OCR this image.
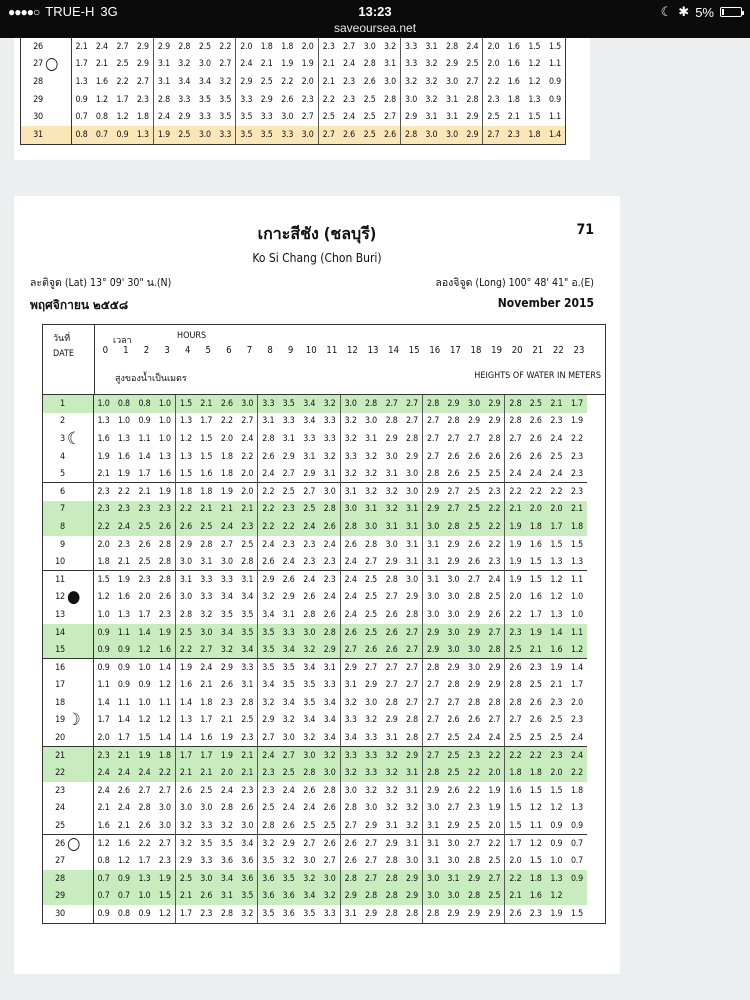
●●●●○ TRUE-H 3G	13:23
saveoursea.net
☾ ✱ 5%
26		2.1	2.4	2.7	2.9	2.9	2.8	2.5	2.2	2.0	1.8	1.8	2.0	2.3	2.7	3.0	3.2	3.3	3.1	2.8	2.4	2.0	1.6	1.5	1.5
27	○	1.7	2.1	2.5	2.9	3.1	3.2	3.0	2.7	2.4	2.1	1.9	1.9	2.1	2.4	2.8	3.1	3.3	3.2	2.9	2.5	2.0	1.6	1.2	1.1
28		1.3	1.6	2.2	2.7	3.1	3.4	3.4	3.2	2.9	2.5	2.2	2.0	2.1	2.3	2.6	3.0	3.2	3.2	3.0	2.7	2.2	1.6	1.2	0.9
29		0.9	1.2	1.7	2.3	2.8	3.3	3.5	3.5	3.3	2.9	2.6	2.3	2.2	2.3	2.5	2.8	3.0	3.2	3.1	2.8	2.3	1.8	1.3	0.9
30		0.7	0.8	1.2	1.8	2.4	2.9	3.3	3.5	3.5	3.3	3.0	2.7	2.5	2.4	2.5	2.7	2.9	3.1	3.1	2.9	2.5	2.1	1.5	1.1
31		0.8	0.7	0.9	1.3	1.9	2.5	3.0	3.3	3.5	3.5	3.3	3.0	2.7	2.6	2.5	2.6	2.8	3.0	3.0	2.9	2.7	2.3	1.8	1.4
เกาะสีชัง (ชลบุรี)	71
Ko Si Chang (Chon Buri)
ละติจูด (Lat) 13° 09' 30" น.(N)	ลองจิจูด (Long) 100° 48' 41" อ.(E)
พฤศจิกายน ๒๕๕๘	November 2015
วันที่
DATE
เวลา	HOURS
0	1	2	3	4	5	6	7	8	9	10	11	12	13	14	15	16	17	18	19	20	21	22	23
สูงของน้ำเป็นเมตร	HEIGHTS OF WATER IN METERS
1		1.0	0.8	0.8	1.0	1.5	2.1	2.6	3.0	3.3	3.5	3.4	3.2	3.0	2.8	2.7	2.7	2.8	2.9	3.0	2.9	2.8	2.5	2.1	1.7
2		1.3	1.0	0.9	1.0	1.3	1.7	2.2	2.7	3.1	3.3	3.4	3.3	3.2	3.0	2.8	2.7	2.7	2.8	2.9	2.9	2.8	2.6	2.3	1.9
3	☾	1.6	1.3	1.1	1.0	1.2	1.5	2.0	2.4	2.8	3.1	3.3	3.3	3.2	3.1	2.9	2.8	2.7	2.7	2.7	2.8	2.7	2.6	2.4	2.2
4		1.9	1.6	1.4	1.3	1.3	1.5	1.8	2.2	2.6	2.9	3.1	3.2	3.3	3.2	3.0	2.9	2.7	2.6	2.6	2.6	2.6	2.6	2.5	2.3
5		2.1	1.9	1.7	1.6	1.5	1.6	1.8	2.0	2.4	2.7	2.9	3.1	3.2	3.2	3.1	3.0	2.8	2.6	2.5	2.5	2.4	2.4	2.4	2.3
6		2.3	2.2	2.1	1.9	1.8	1.8	1.9	2.0	2.2	2.5	2.7	3.0	3.1	3.2	3.2	3.0	2.9	2.7	2.5	2.3	2.2	2.2	2.2	2.3
7		2.3	2.3	2.3	2.3	2.2	2.1	2.1	2.1	2.2	2.3	2.5	2.8	3.0	3.1	3.2	3.1	2.9	2.7	2.5	2.2	2.1	2.0	2.0	2.1
8		2.2	2.4	2.5	2.6	2.6	2.5	2.4	2.3	2.2	2.2	2.4	2.6	2.8	3.0	3.1	3.1	3.0	2.8	2.5	2.2	1.9	1.8	1.7	1.8
9		2.0	2.3	2.6	2.8	2.9	2.8	2.7	2.5	2.4	2.3	2.3	2.4	2.6	2.8	3.0	3.1	3.1	2.9	2.6	2.2	1.9	1.6	1.5	1.5
10		1.8	2.1	2.5	2.8	3.0	3.1	3.0	2.8	2.6	2.4	2.3	2.3	2.4	2.7	2.9	3.1	3.1	2.9	2.6	2.3	1.9	1.5	1.3	1.3
11		1.5	1.9	2.3	2.8	3.1	3.3	3.3	3.1	2.9	2.6	2.4	2.3	2.4	2.5	2.8	3.0	3.1	3.0	2.7	2.4	1.9	1.5	1.2	1.1
12	●	1.2	1.6	2.0	2.6	3.0	3.3	3.4	3.4	3.2	2.9	2.6	2.4	2.4	2.5	2.7	2.9	3.0	3.0	2.8	2.5	2.0	1.6	1.2	1.0
13		1.0	1.3	1.7	2.3	2.8	3.2	3.5	3.5	3.4	3.1	2.8	2.6	2.4	2.5	2.6	2.8	3.0	3.0	2.9	2.6	2.2	1.7	1.3	1.0
14		0.9	1.1	1.4	1.9	2.5	3.0	3.4	3.5	3.5	3.3	3.0	2.8	2.6	2.5	2.6	2.7	2.9	3.0	2.9	2.7	2.3	1.9	1.4	1.1
15		0.9	0.9	1.2	1.6	2.2	2.7	3.2	3.4	3.5	3.4	3.2	2.9	2.7	2.6	2.6	2.7	2.9	3.0	3.0	2.8	2.5	2.1	1.6	1.2
16		0.9	0.9	1.0	1.4	1.9	2.4	2.9	3.3	3.5	3.5	3.4	3.1	2.9	2.7	2.7	2.7	2.8	2.9	3.0	2.9	2.6	2.3	1.9	1.4
17		1.1	0.9	0.9	1.2	1.6	2.1	2.6	3.1	3.4	3.5	3.5	3.3	3.1	2.9	2.7	2.7	2.7	2.8	2.9	2.9	2.8	2.5	2.1	1.7
18		1.4	1.1	1.0	1.1	1.4	1.8	2.3	2.8	3.2	3.4	3.5	3.4	3.2	3.0	2.8	2.7	2.7	2.7	2.8	2.8	2.8	2.6	2.3	2.0
19	☽	1.7	1.4	1.2	1.2	1.3	1.7	2.1	2.5	2.9	3.2	3.4	3.4	3.3	3.2	2.9	2.8	2.7	2.6	2.6	2.7	2.7	2.6	2.5	2.3
20		2.0	1.7	1.5	1.4	1.4	1.6	1.9	2.3	2.7	3.0	3.2	3.4	3.4	3.3	3.1	2.8	2.7	2.5	2.4	2.4	2.5	2.5	2.5	2.4
21		2.3	2.1	1.9	1.8	1.7	1.7	1.9	2.1	2.4	2.7	3.0	3.2	3.3	3.3	3.2	2.9	2.7	2.5	2.3	2.2	2.2	2.2	2.3	2.4
22		2.4	2.4	2.4	2.2	2.1	2.1	2.0	2.1	2.3	2.5	2.8	3.0	3.2	3.3	3.2	3.1	2.8	2.5	2.2	2.0	1.8	1.8	2.0	2.2
23		2.4	2.6	2.7	2.7	2.6	2.5	2.4	2.3	2.3	2.4	2.6	2.8	3.0	3.2	3.2	3.1	2.9	2.6	2.2	1.9	1.6	1.5	1.5	1.8
24		2.1	2.4	2.8	3.0	3.0	3.0	2.8	2.6	2.5	2.4	2.4	2.6	2.8	3.0	3.2	3.2	3.0	2.7	2.3	1.9	1.5	1.2	1.2	1.3
25		1.6	2.1	2.6	3.0	3.2	3.3	3.2	3.0	2.8	2.6	2.5	2.5	2.7	2.9	3.1	3.2	3.1	2.9	2.5	2.0	1.5	1.1	0.9	0.9
26	○	1.2	1.6	2.2	2.7	3.2	3.5	3.5	3.4	3.2	2.9	2.7	2.6	2.6	2.7	2.9	3.1	3.1	3.0	2.7	2.2	1.7	1.2	0.9	0.7
27		0.8	1.2	1.7	2.3	2.9	3.3	3.6	3.6	3.5	3.2	3.0	2.7	2.6	2.7	2.8	3.0	3.1	3.0	2.8	2.5	2.0	1.5	1.0	0.7
28		0.7	0.9	1.3	1.9	2.5	3.0	3.4	3.6	3.6	3.5	3.2	3.0	2.8	2.7	2.8	2.9	3.0	3.1	2.9	2.7	2.2	1.8	1.3	0.9
29		0.7	0.7	1.0	1.5	2.1	2.6	3.1	3.5	3.6	3.6	3.4	3.2	2.9	2.8	2.8	2.9	3.0	3.0	2.8	2.5	2.1	1.6	1.2	
30		0.9	0.8	0.9	1.2	1.7	2.3	2.8	3.2	3.5	3.6	3.5	3.3	3.1	2.9	2.8	2.8	2.8	2.9	2.9	2.9	2.6	2.3	1.9	1.5
